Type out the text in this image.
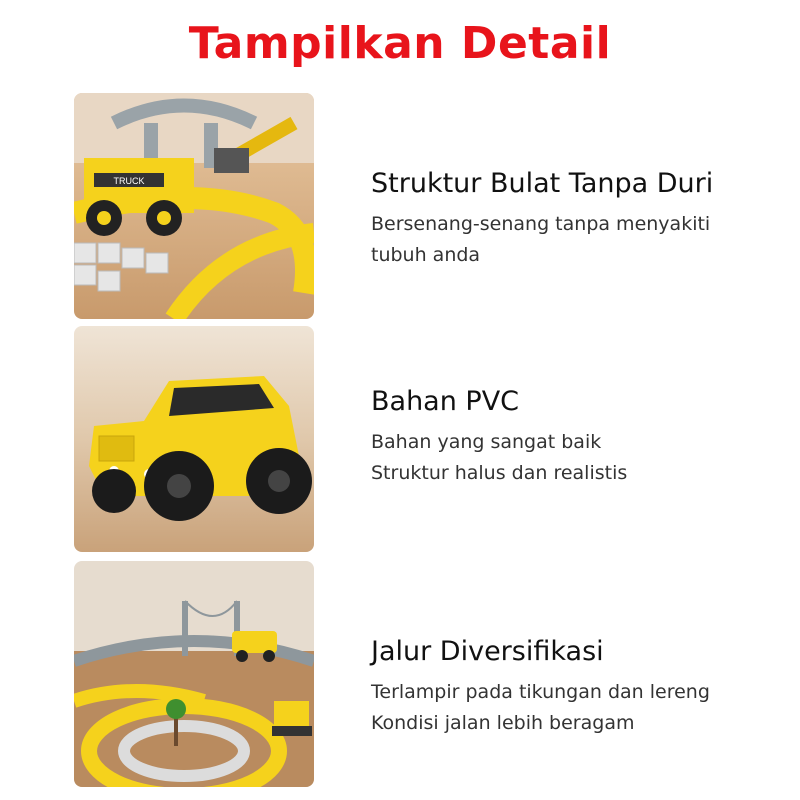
Tampilkan Detail
TRUCK	Struktur Bulat Tanpa Duri
Bersenang-senang tanpa menyakiti
tubuh anda
Bahan PVC
Bahan yang sangat baik
Struktur halus dan realistis
Jalur Diversifikasi
Terlampir pada tikungan dan lereng
Kondisi jalan lebih beragam
